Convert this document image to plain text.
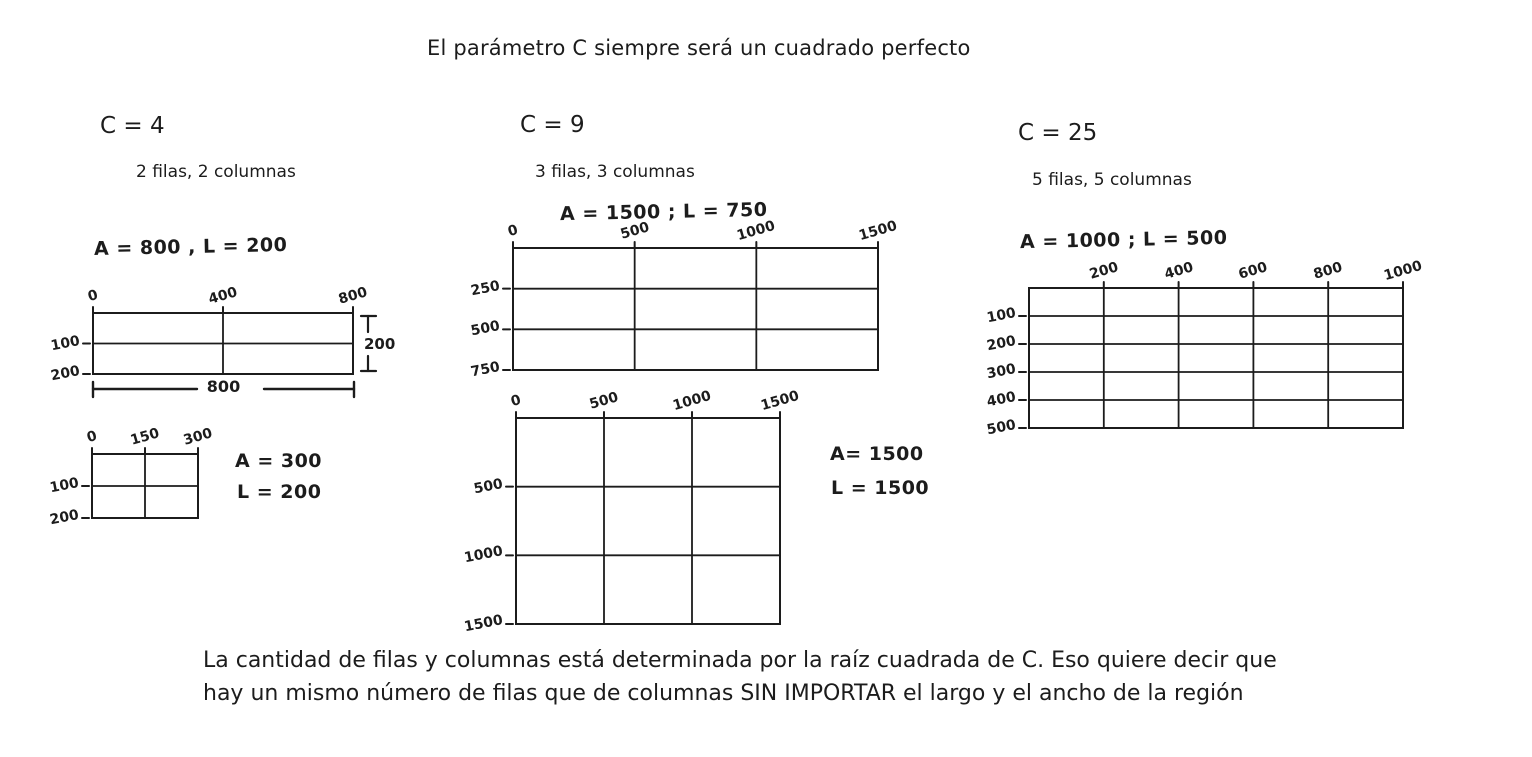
El parámetro C siempre será un cuadrado perfecto
C = 4
2 filas, 2 columnas
A = 800 , L = 200
0	400	800
100
200
200
800
0 150 300
100
200
A = 300
L = 200
C = 9
3 filas, 3 columnas
A = 1500 ; L = 750
0	500	1000	1500
250
500
750
0	500	1000	1500
500
1000
1500
A= 1500
L = 1500
C = 25
5 filas, 5 columnas
A = 1000 ; L = 500
200	400	600	800	1000
100
200
300
400
500
La cantidad de filas y columnas está determinada por la raíz cuadrada de C. Eso quiere decir que
hay un mismo número de filas que de columnas SIN IMPORTAR el largo y el ancho de la región
